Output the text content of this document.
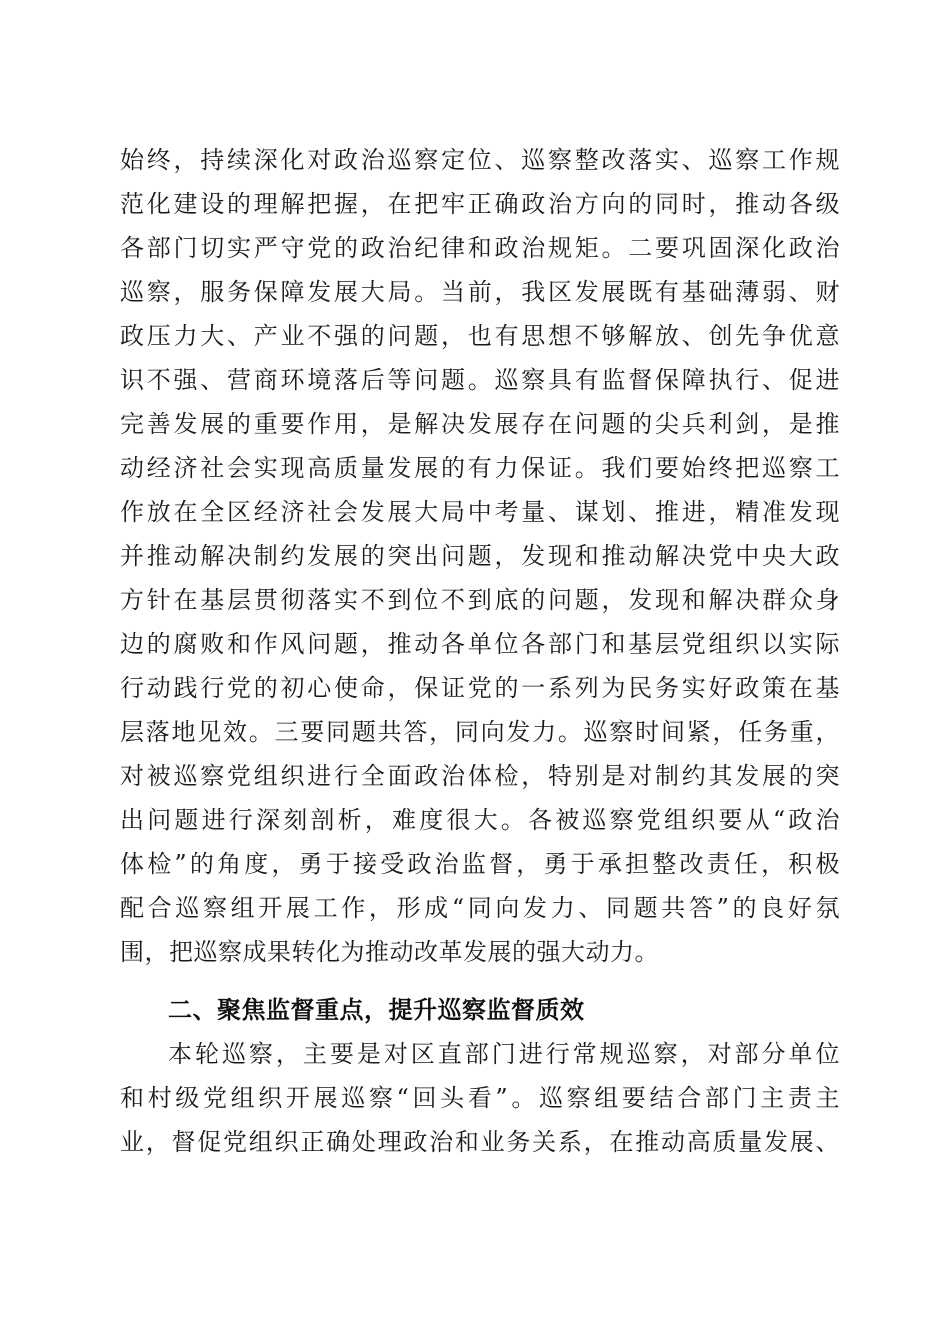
始终，持续深化对政治巡察定位、巡察整改落实、巡察工作规
范化建设的理解把握，在把牢正确政治方向的同时，推动各级
各部门切实严守党的政治纪律和政治规矩。二要巩固深化政治
巡察，服务保障发展大局。当前，我区发展既有基础薄弱、财
政压力大、产业不强的问题，也有思想不够解放、创先争优意
识不强、营商环境落后等问题。巡察具有监督保障执行、促进
完善发展的重要作用，是解决发展存在问题的尖兵利剑，是推
动经济社会实现高质量发展的有力保证。我们要始终把巡察工
作放在全区经济社会发展大局中考量、谋划、推进，精准发现
并推动解决制约发展的突出问题，发现和推动解决党中央大政
方针在基层贯彻落实不到位不到底的问题，发现和解决群众身
边的腐败和作风问题，推动各单位各部门和基层党组织以实际
行动践行党的初心使命，保证党的一系列为民务实好政策在基
层落地见效。三要同题共答，同向发力。巡察时间紧，任务重，
对被巡察党组织进行全面政治体检，特别是对制约其发展的突
出问题进行深刻剖析，难度很大。各被巡察党组织要从“政治
体检”的角度，勇于接受政治监督，勇于承担整改责任，积极
配合巡察组开展工作，形成“同向发力、同题共答”的良好氛
围，把巡察成果转化为推动改革发展的强大动力。
二、聚焦监督重点，提升巡察监督质效
本轮巡察，主要是对区直部门进行常规巡察，对部分单位
和村级党组织开展巡察“回头看”。巡察组要结合部门主责主
业，督促党组织正确处理政治和业务关系，在推动高质量发展、
